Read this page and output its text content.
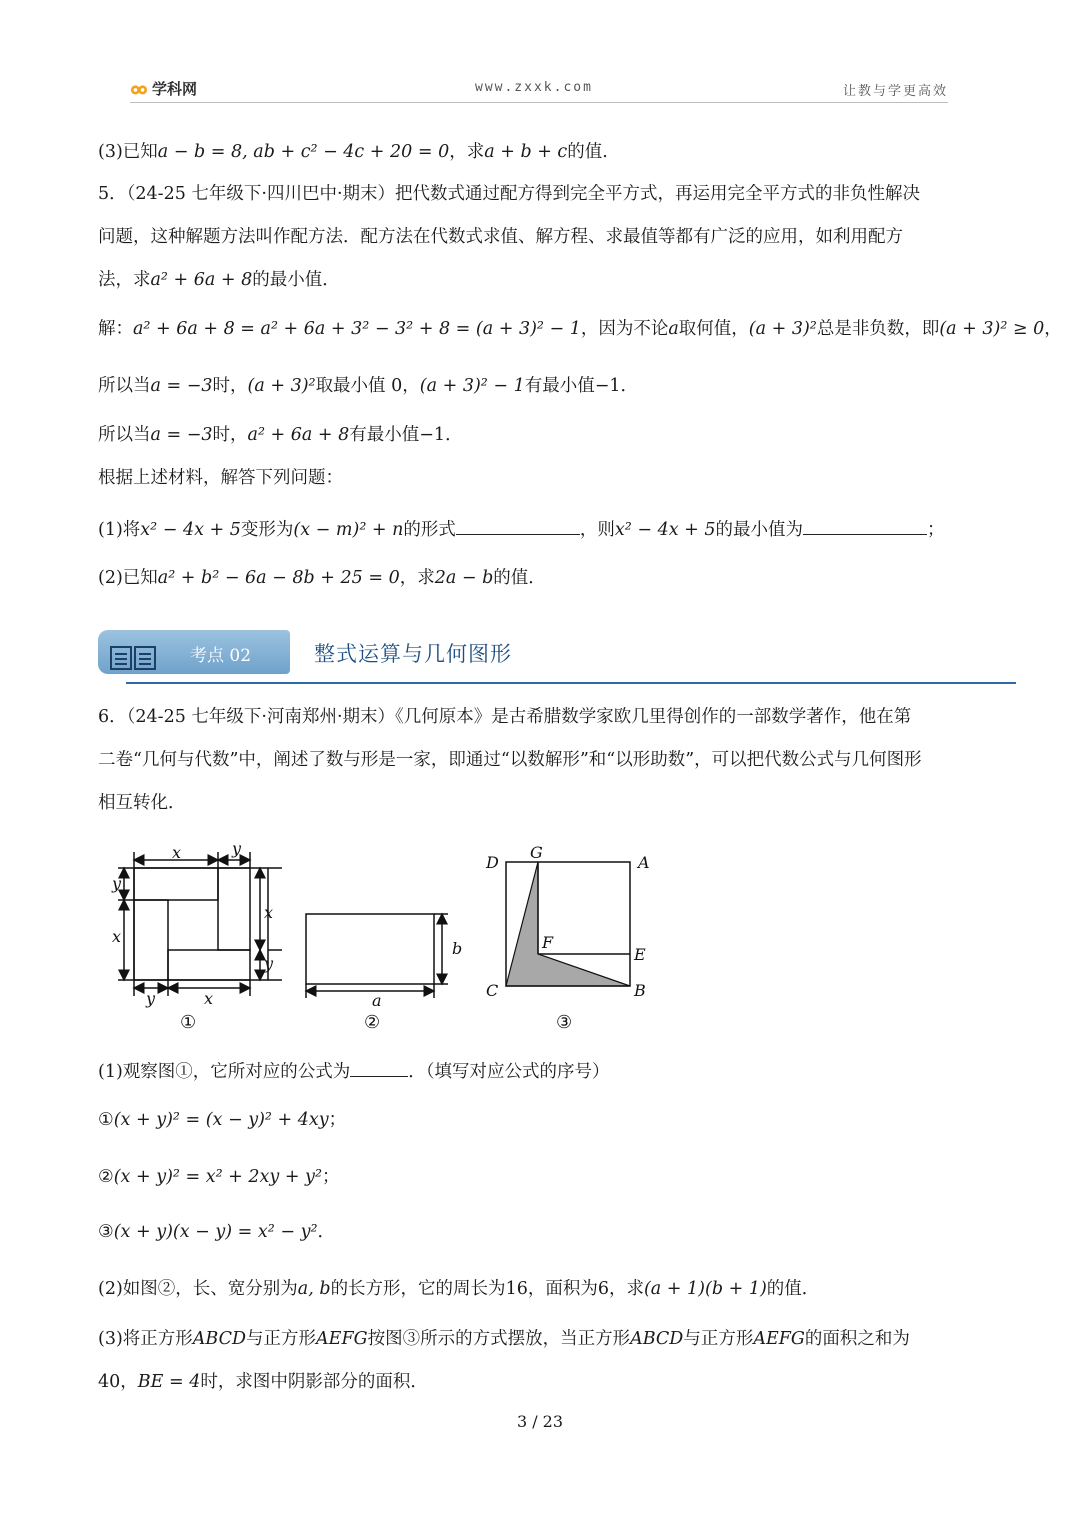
学科网	www.zxxk.com	让教与学更高效
(3)已知a − b = 8, ab + c² − 4c + 20 = 0，求a + b + c的值.
5．（24-25 七年级下·四川巴中·期末）把代数式通过配方得到完全平方式，再运用完全平方式的非负性解决
问题，这种解题方法叫作配方法．配方法在代数式求值、解方程、求最值等都有广泛的应用，如利用配方
法，求a² + 6a + 8的最小值．
解：a² + 6a + 8 = a² + 6a + 3² − 3² + 8 = (a + 3)² − 1，因为不论a取何值，(a + 3)²总是非负数，即(a + 3)² ≥ 0，
所以当a = −3时，(a + 3)²取最小值 0，(a + 3)² − 1有最小值−1．
所以当a = −3时，a² + 6a + 8有最小值−1．
根据上述材料，解答下列问题：
(1)将x² − 4x + 5变形为(x − m)² + n的形式	，则x² − 4x + 5的最小值为	；
(2)已知a² + b² − 6a − 8b + 25 = 0，求2a − b的值．
考点 02	整式运算与几何图形
6．（24-25 七年级下·河南郑州·期末）《几何原本》是古希腊数学家欧几里得创作的一部数学著作，他在第
二卷“几何与代数”中，阐述了数与形是一家，即通过“以数解形”和“以形助数”，可以把代数公式与几何图形
相互转化．
x	y
y
x
x
y
y	x
①
b
a
②
D
G
A
F
E
C	B
③
(1)观察图①，它所对应的公式为	．（填写对应公式的序号）
①(x + y)² = (x − y)² + 4xy；
②(x + y)² = x² + 2xy + y²；
③(x + y)(x − y) = x² − y²．
(2)如图②，长、宽分别为a, b的长方形，它的周长为16，面积为6，求(a + 1)(b + 1)的值．
(3)将正方形ABCD与正方形AEFG按图③所示的方式摆放，当正方形ABCD与正方形AEFG的面积之和为
40，BE = 4时，求图中阴影部分的面积．
3 / 23
